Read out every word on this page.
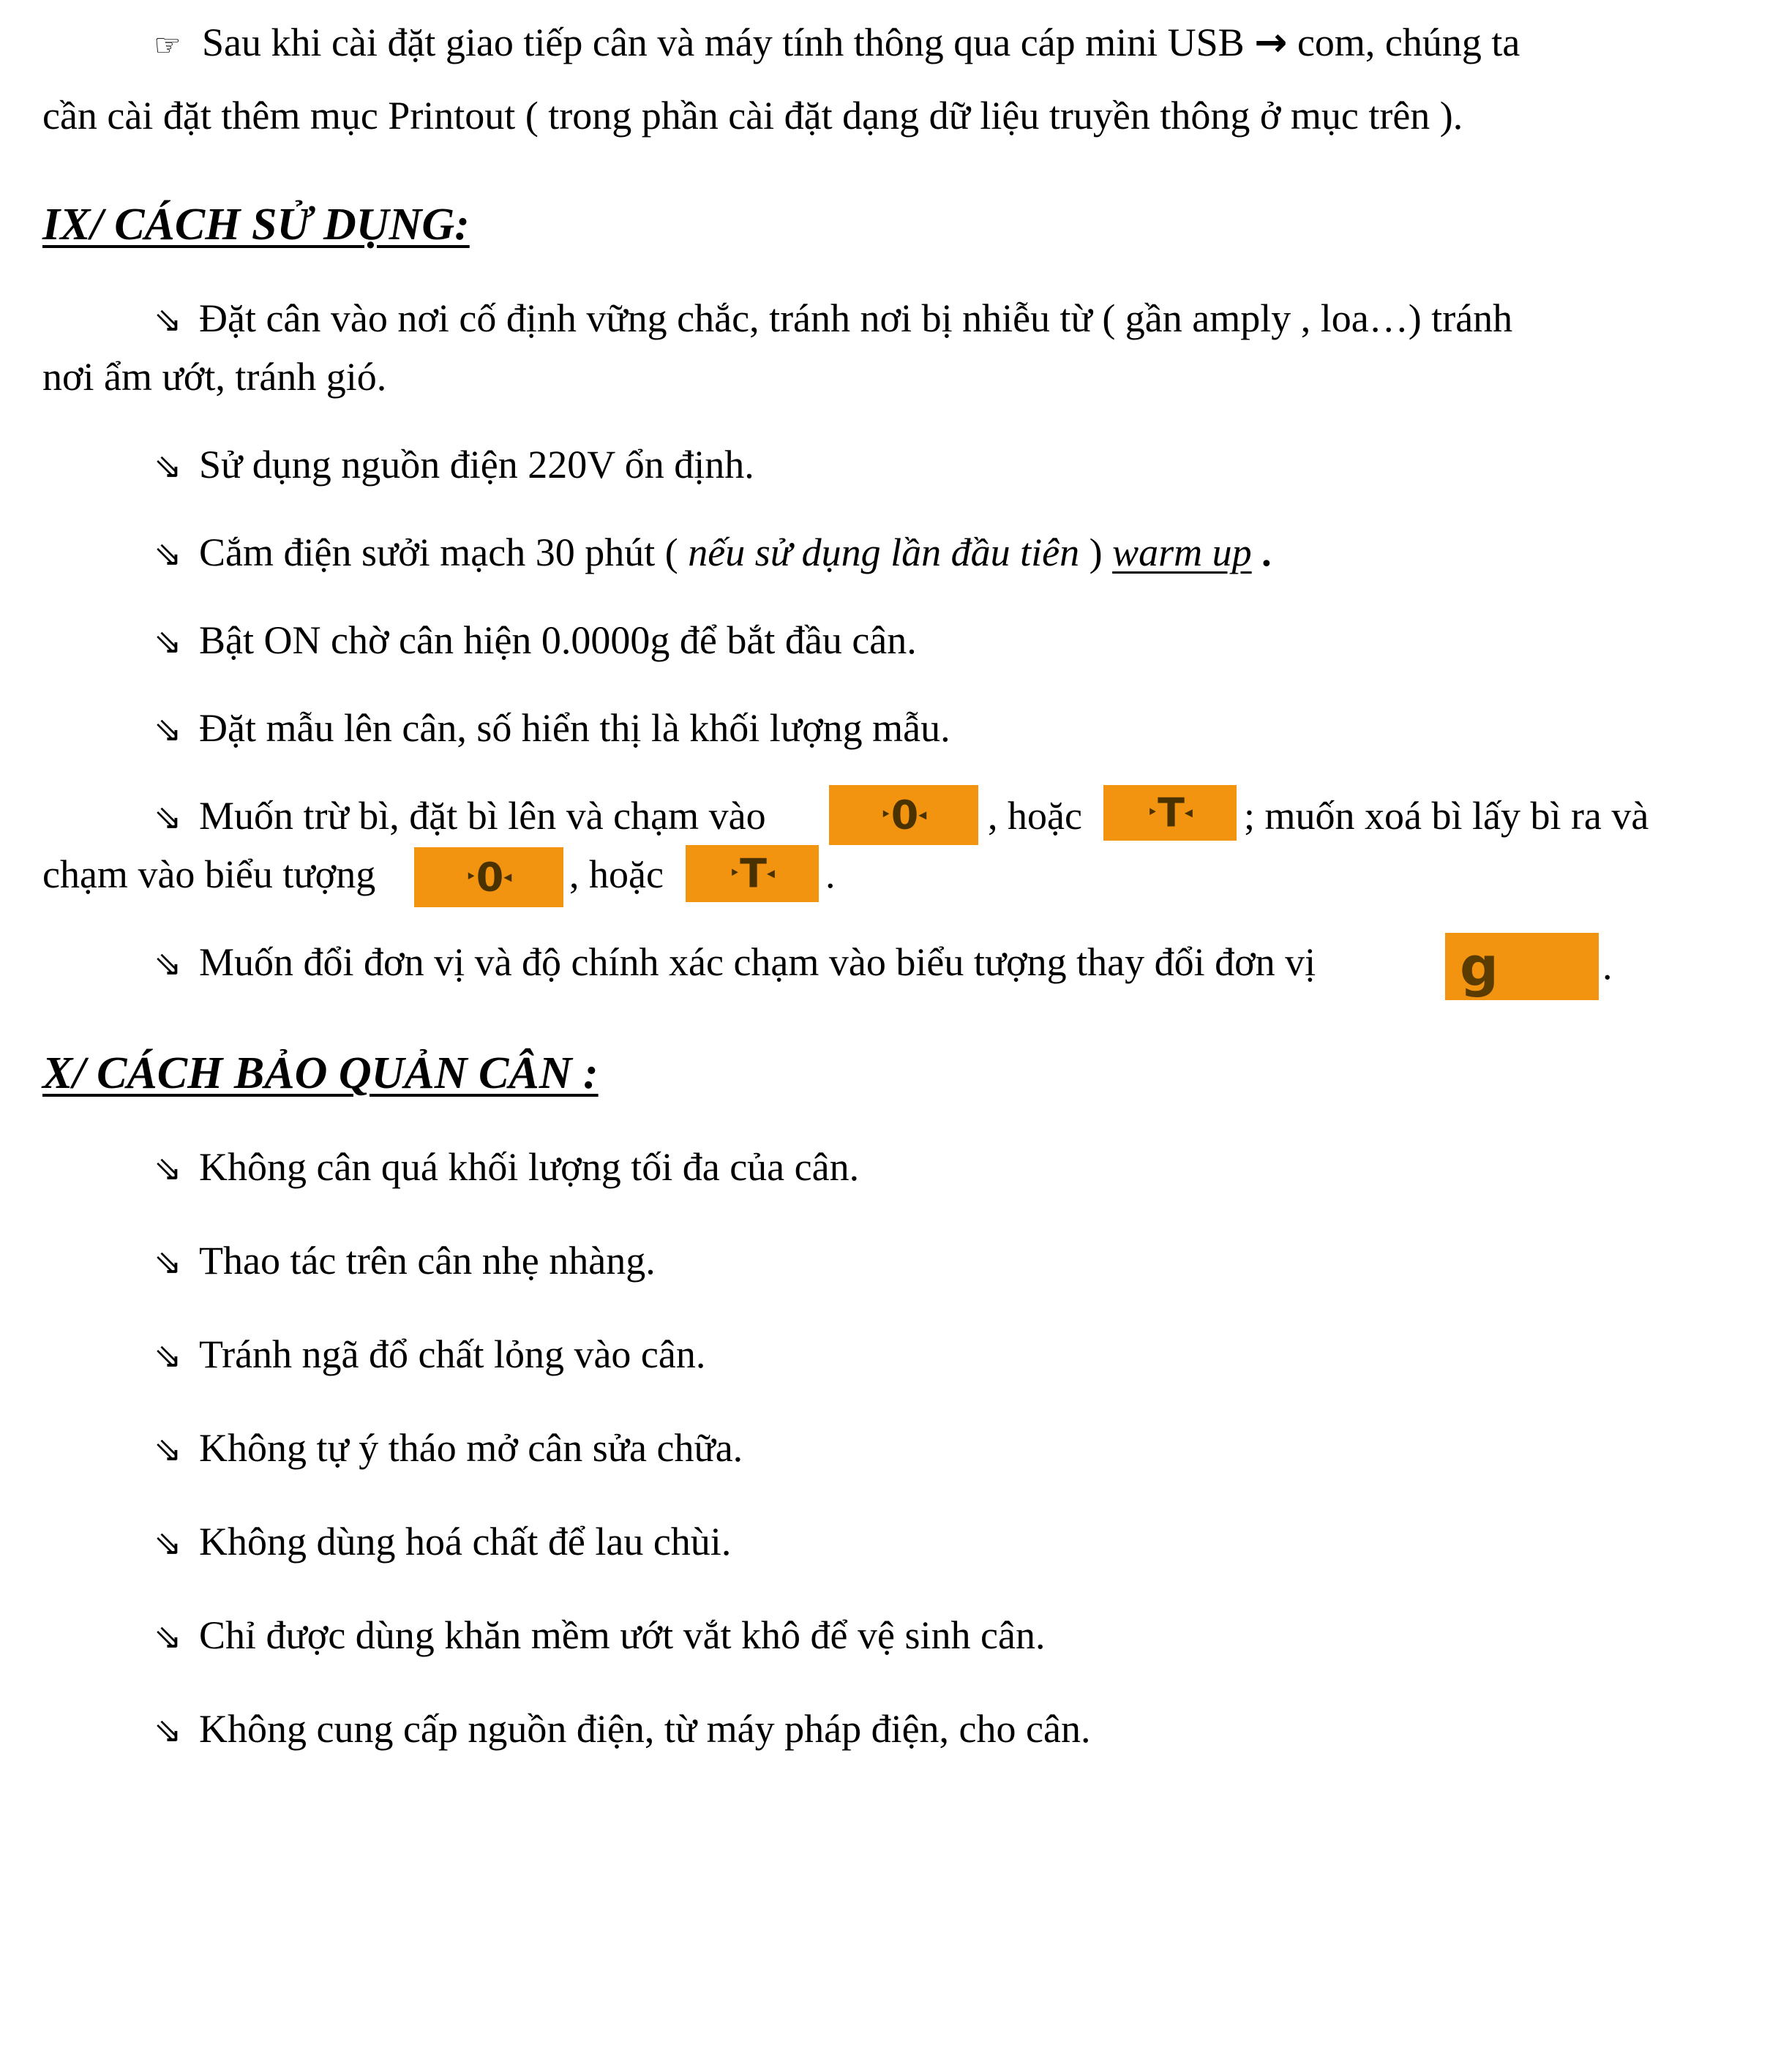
☞ Sau khi cài đặt giao tiếp cân và máy tính thông qua cáp mini USB → com, chúng ta
cần cài đặt thêm mục Printout ( trong phần cài đặt dạng dữ liệu truyền thông ở mục trên ).
IX/ CÁCH SỬ DỤNG:
⇘ Đặt cân vào nơi cố định vững chắc, tránh nơi bị nhiễu từ ( gần amply , loa…) tránh
nơi ẩm ướt, tránh gió.
⇘ Sử dụng nguồn điện 220V ổn định.
⇘ Cắm điện sưởi mạch 30 phút ( nếu sử dụng lần đầu tiên ) warm up .
⇘ Bật ON chờ cân hiện 0.0000g để bắt đầu cân.
⇘ Đặt mẫu lên cân, số hiển thị là khối lượng mẫu.
⇘ Muốn trừ bì, đặt bì lên và chạm vào	‣0◂	, hoặc	‣T◂	; muốn xoá bì lấy bì ra và
chạm vào biểu tượng	‣0◂	, hoặc	‣T◂	.
⇘ Muốn đổi đơn vị và độ chính xác chạm vào biểu tượng thay đổi đơn vị	g	.
X/ CÁCH BẢO QUẢN CÂN :
⇘ Không cân quá khối lượng tối đa của cân.
⇘ Thao tác trên cân nhẹ nhàng.
⇘ Tránh ngã đổ chất lỏng vào cân.
⇘ Không tự ý tháo mở cân sửa chữa.
⇘ Không dùng hoá chất để lau chùi.
⇘ Chỉ được dùng khăn mềm ướt vắt khô để vệ sinh cân.
⇘ Không cung cấp nguồn điện, từ máy pháp điện, cho cân.
